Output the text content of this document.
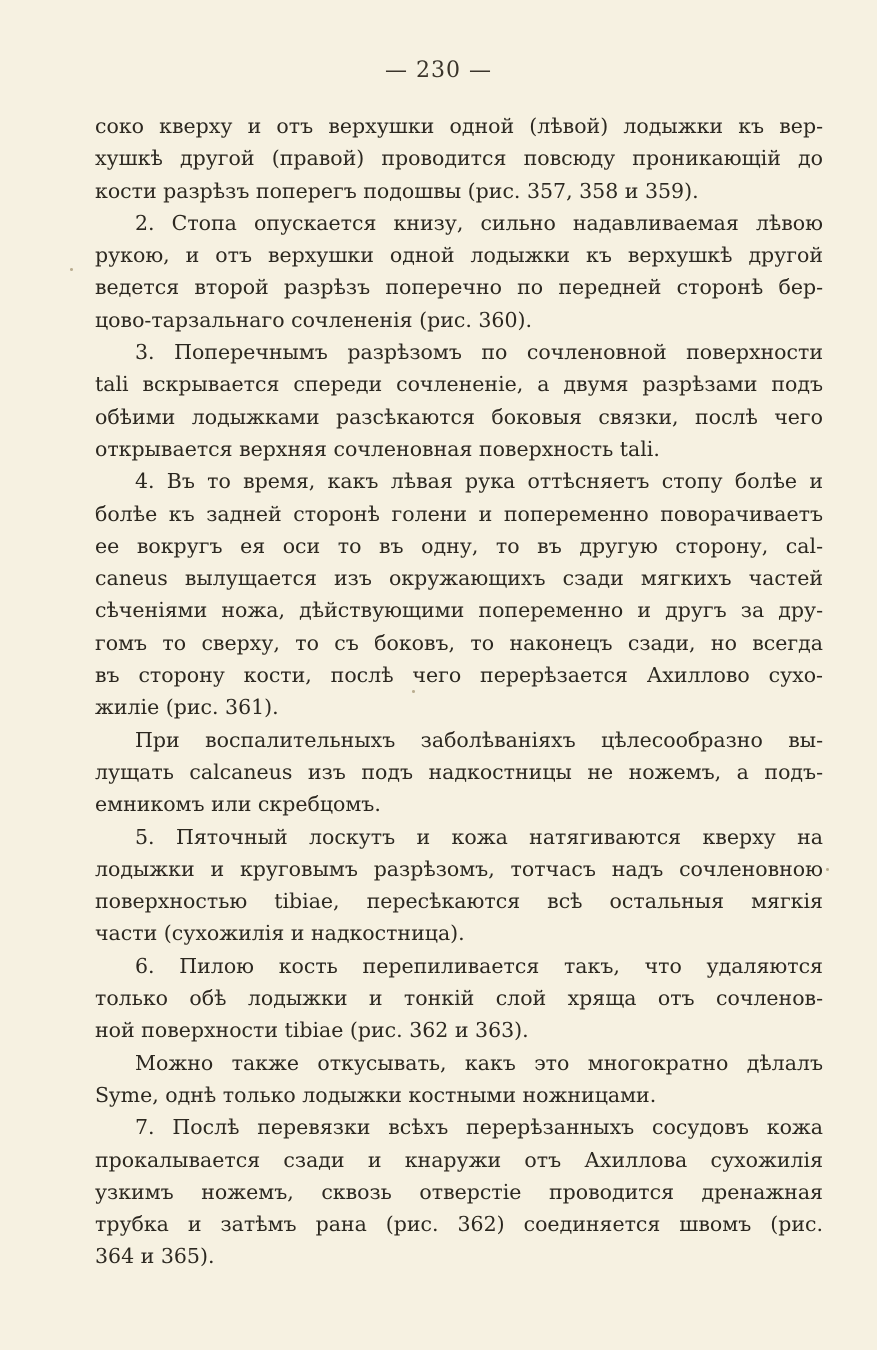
— 230 —
соко кверху и отъ верхушки одной (лѣвой) лодыжки къ вер-
хушкѣ другой (правой) проводится повсюду проникающій до
кости разрѣзъ поперегъ подошвы (рис. 357, 358 и 359).
2. Стопа опускается книзу, сильно надавливаемая лѣвою
рукою, и отъ верхушки одной лодыжки къ верхушкѣ другой
ведется второй разрѣзъ поперечно по передней сторонѣ бер-
цово-тарзальнаго сочлененія (рис. 360).
3. Поперечнымъ разрѣзомъ по сочленовной поверхности
tali вскрывается спереди сочлененіе, а двумя разрѣзами подъ
обѣими лодыжками разсѣкаются боковыя связки, послѣ чего
открывается верхняя сочленовная поверхность tali.
4. Въ то время, какъ лѣвая рука оттѣсняетъ стопу болѣе и
болѣе къ задней сторонѣ голени и попеременно поворачиваетъ
ее вокругъ ея оси то въ одну, то въ другую сторону, cal-
caneus вылущается изъ окружающихъ сзади мягкихъ частей
сѣченіями ножа, дѣйствующими попеременно и другъ за дру-
гомъ то сверху, то съ боковъ, то наконецъ сзади, но всегда
въ сторону кости, послѣ чего перерѣзается Ахиллово сухо-
жиліе (рис. 361).
При воспалительныхъ заболѣваніяхъ цѣлесообразно вы-
лущать calcaneus изъ подъ надкостницы не ножемъ, а подъ-
емникомъ или скребцомъ.
5. Пяточный лоскутъ и кожа натягиваются кверху на
лодыжки и круговымъ разрѣзомъ, тотчасъ надъ сочленовною
поверхностью tibiae, пересѣкаются всѣ остальныя мягкія
части (сухожилія и надкостница).
6. Пилою кость перепиливается такъ, что удаляются
только обѣ лодыжки и тонкій слой хряща отъ сочленов-
ной поверхности tibiae (рис. 362 и 363).
Можно также откусывать, какъ это многократно дѣлалъ
Syme, однѣ только лодыжки костными ножницами.
7. Послѣ перевязки всѣхъ перерѣзанныхъ сосудовъ кожа
прокалывается сзади и кнаружи отъ Ахиллова сухожилія
узкимъ ножемъ, сквозь отверстіе проводится дренажная
трубка и затѣмъ рана (рис. 362) соединяется швомъ (рис.
364 и 365).
